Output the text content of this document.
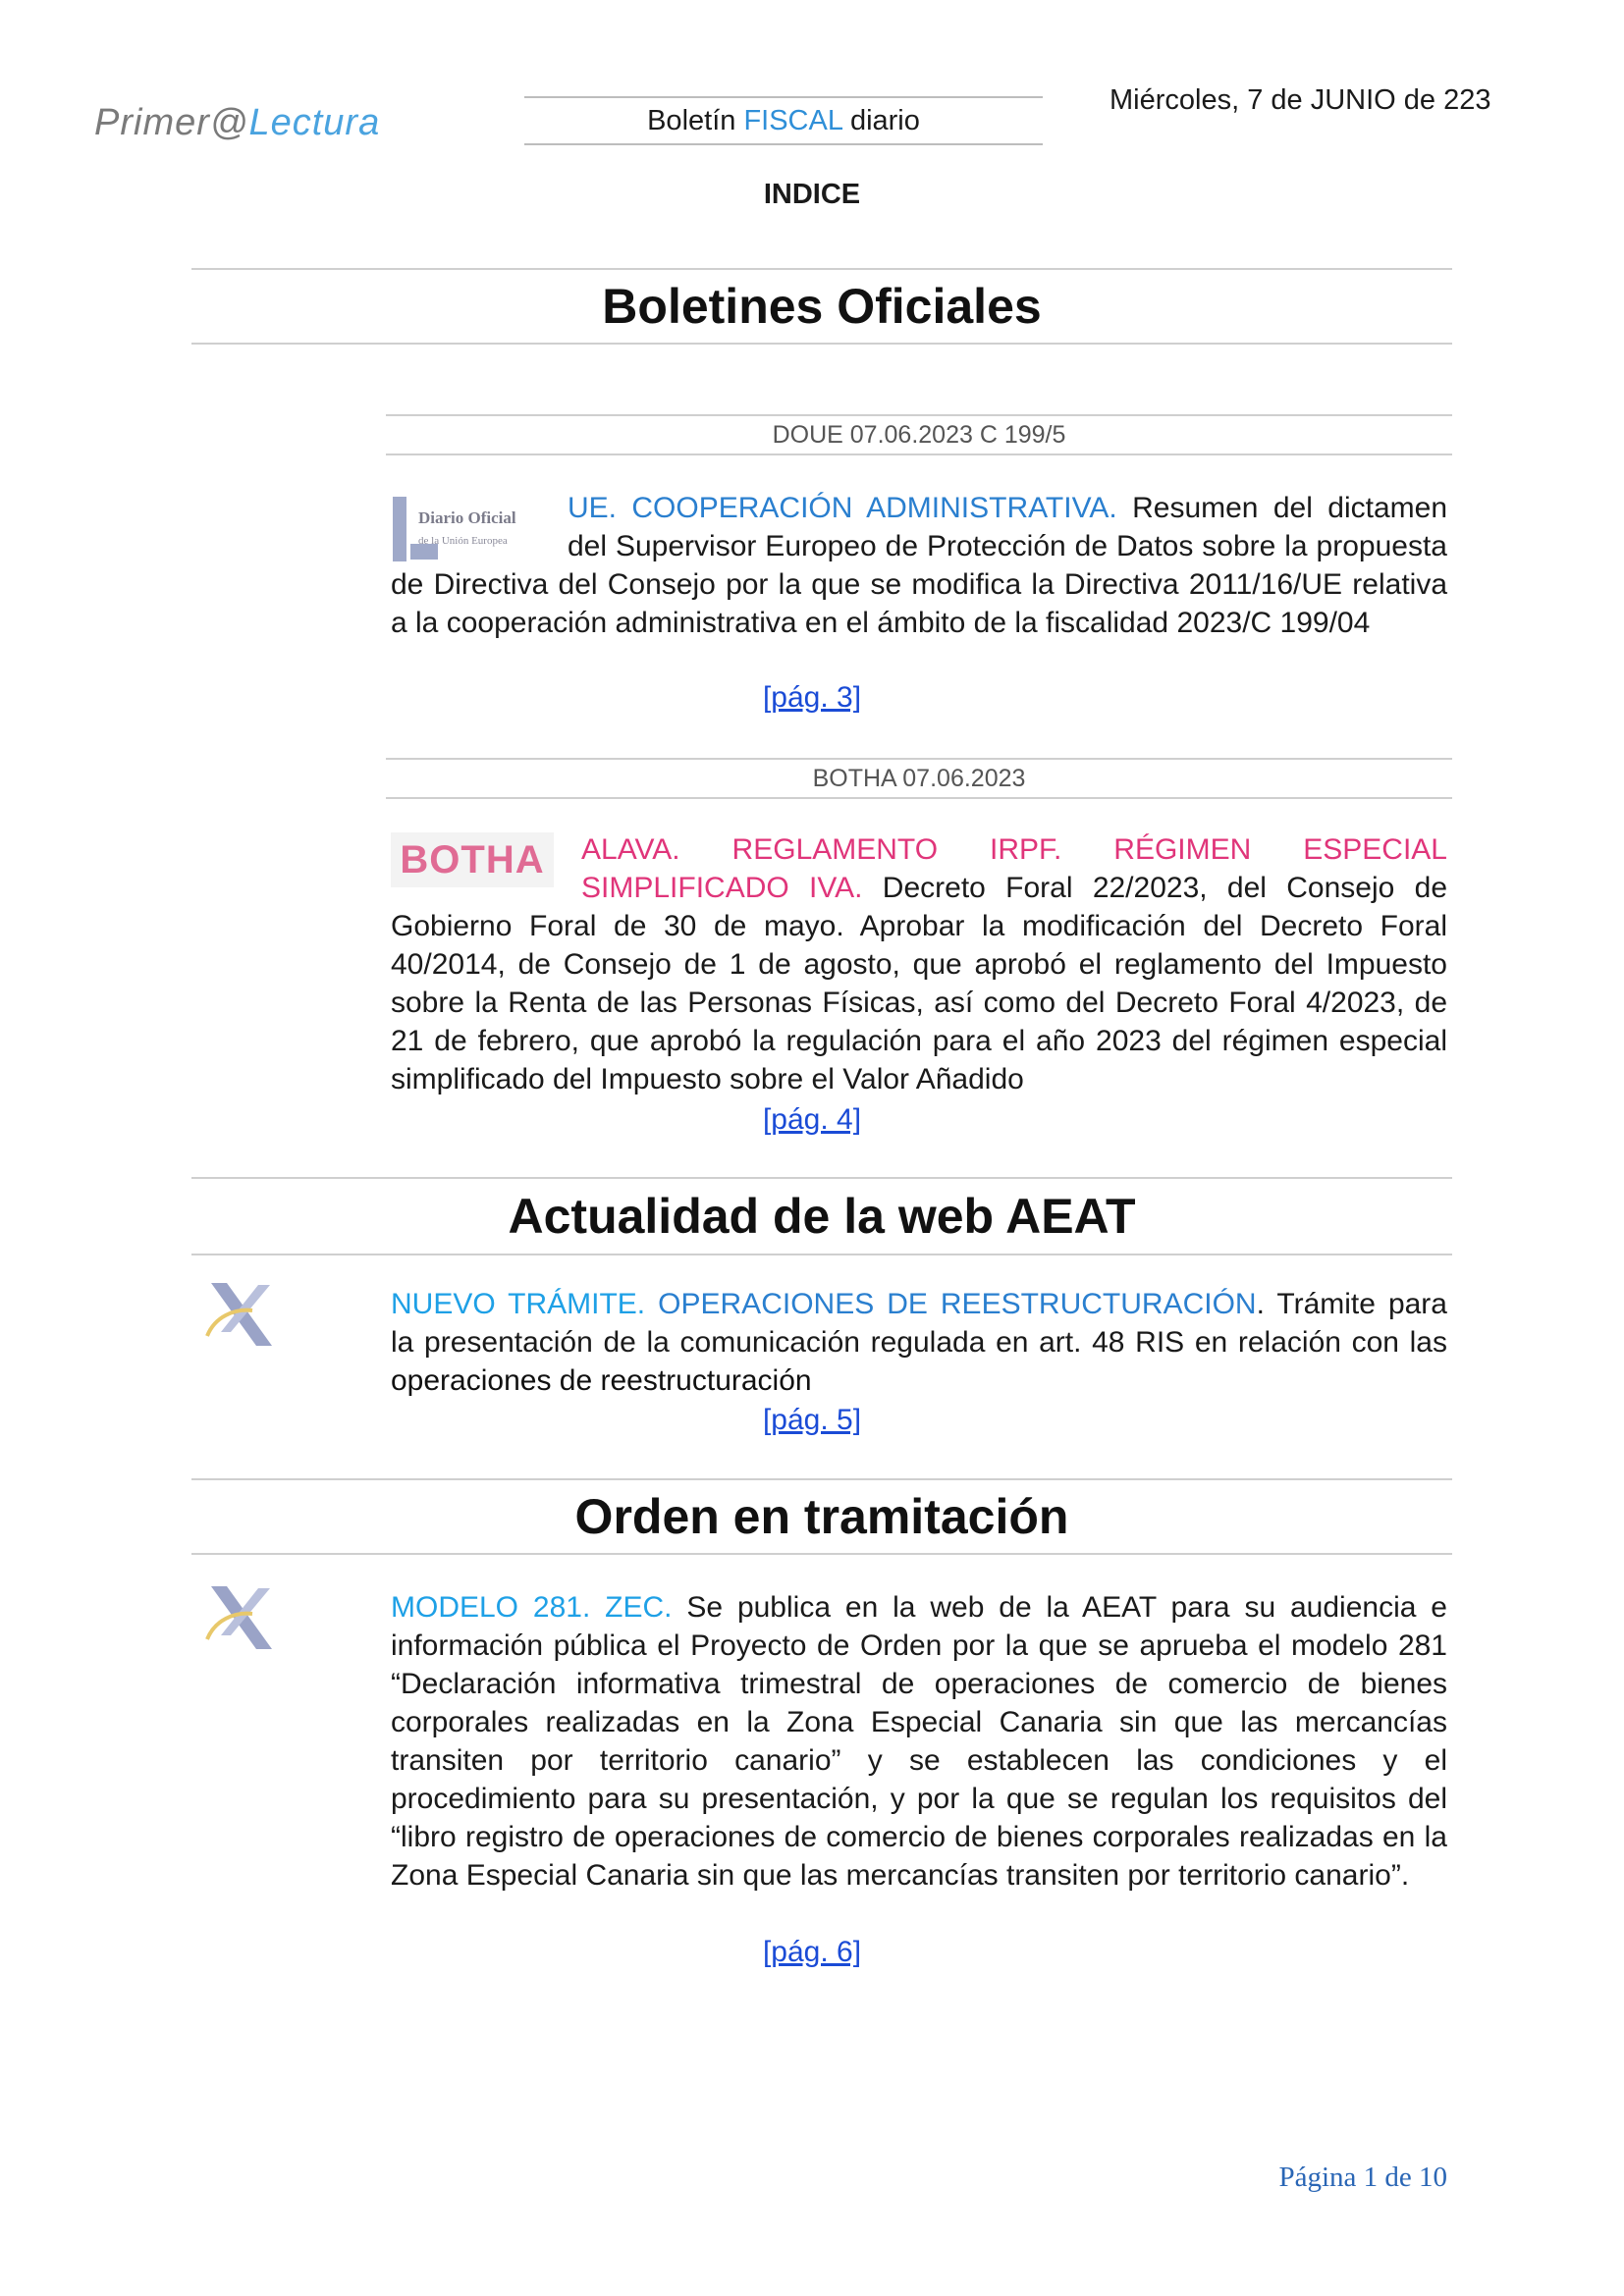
Primer@Lectura	Boletín FISCAL diario
Miércoles, 7 de JUNIO de 223
INDICE
Boletines Oficiales
DOUE 07.06.2023 C 199/5
Diario Oficial
de la Unión Europea
UE. COOPERACIÓN ADMINISTRATIVA. Resumen del dictamen del Supervisor Europeo de Protección de Datos sobre la propuesta de Directiva del Consejo por la que se modifica la Directiva 2011/16/UE relativa a la cooperación administrativa en el ámbito de la fiscalidad 2023/C 199/04
[pág. 3]
BOTHA 07.06.2023
BOTHA	ALAVA. REGLAMENTO IRPF. RÉGIMEN ESPECIAL SIMPLIFICADO IVA. Decreto Foral 22/2023, del Consejo de Gobierno Foral de 30 de mayo. Aprobar la modificación del Decreto Foral 40/2014, de Consejo de 1 de agosto, que aprobó el reglamento del Impuesto sobre la Renta de las Personas Físicas, así como del Decreto Foral 4/2023, de 21 de febrero, que aprobó la regulación para el año 2023 del régimen especial simplificado del Impuesto sobre el Valor Añadido
[pág. 4]
Actualidad de la web AEAT
NUEVO TRÁMITE. OPERACIONES DE REESTRUCTURACIÓN. Trámite para la presentación de la comunicación regulada en art. 48 RIS en relación con las operaciones de reestructuración
[pág. 5]
Orden en tramitación
MODELO 281. ZEC. Se publica en la web de la AEAT para su audiencia e información pública el Proyecto de Orden por la que se aprueba el modelo 281 “Declaración informativa trimestral de operaciones de comercio de bienes corporales realizadas en la Zona Especial Canaria sin que las mercancías transiten por territorio canario” y se establecen las condiciones y el procedimiento para su presentación, y por la que se regulan los requisitos del “libro registro de operaciones de comercio de bienes corporales realizadas en la Zona Especial Canaria sin que las mercancías transiten por territorio canario”.
[pág. 6]
Página 1 de 10
